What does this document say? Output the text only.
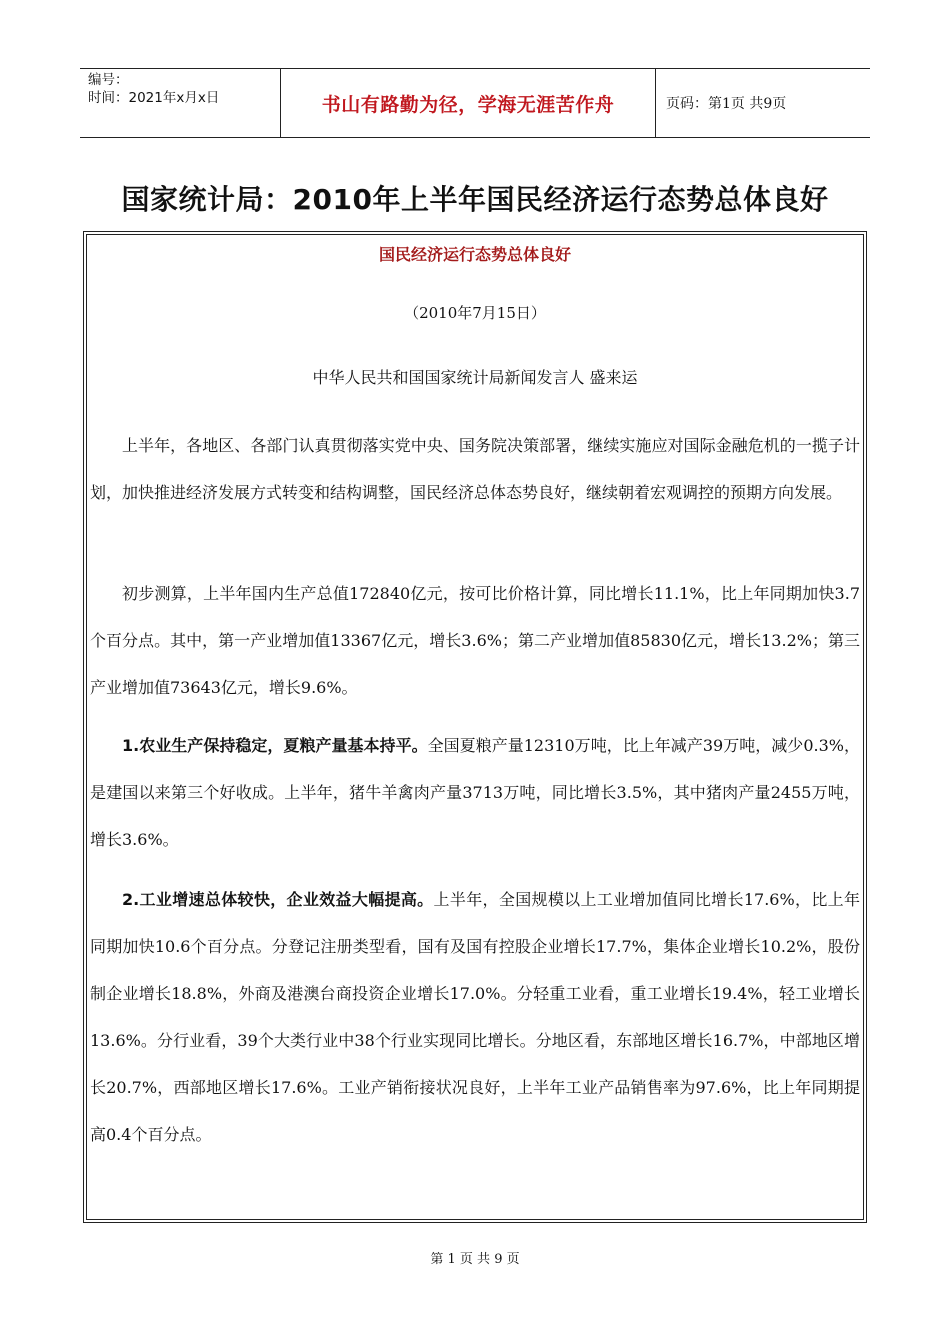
编号：
时间：2021年x月x日	书山有路勤为径，学海无涯苦作舟	页码：第1页 共9页
国家统计局：2010年上半年国民经济运行态势总体良好
国民经济运行态势总体良好
（2010年7月15日）
中华人民共和国国家统计局新闻发言人 盛来运
上半年，各地区、各部门认真贯彻落实党中央、国务院决策部署，继续实施应对国际金融危机的一揽子计划，加快推进经济发展方式转变和结构调整，国民经济总体态势良好，继续朝着宏观调控的预期方向发展。
初步测算，上半年国内生产总值172840亿元，按可比价格计算，同比增长11.1%，比上年同期加快3.7个百分点。其中，第一产业增加值13367亿元，增长3.6%；第二产业增加值85830亿元，增长13.2%；第三产业增加值73643亿元，增长9.6%。
1.农业生产保持稳定，夏粮产量基本持平。全国夏粮产量12310万吨，比上年减产39万吨，减少0.3%，是建国以来第三个好收成。上半年，猪牛羊禽肉产量3713万吨，同比增长3.5%，其中猪肉产量2455万吨，增长3.6%。
2.工业增速总体较快，企业效益大幅提高。上半年，全国规模以上工业增加值同比增长17.6%，比上年同期加快10.6个百分点。分登记注册类型看，国有及国有控股企业增长17.7%，集体企业增长10.2%，股份制企业增长18.8%，外商及港澳台商投资企业增长17.0%。分轻重工业看，重工业增长19.4%，轻工业增长13.6%。分行业看，39个大类行业中38个行业实现同比增长。分地区看，东部地区增长16.7%，中部地区增长20.7%，西部地区增长17.6%。工业产销衔接状况良好，上半年工业产品销售率为97.6%，比上年同期提高0.4个百分点。
第 1 页 共 9 页
